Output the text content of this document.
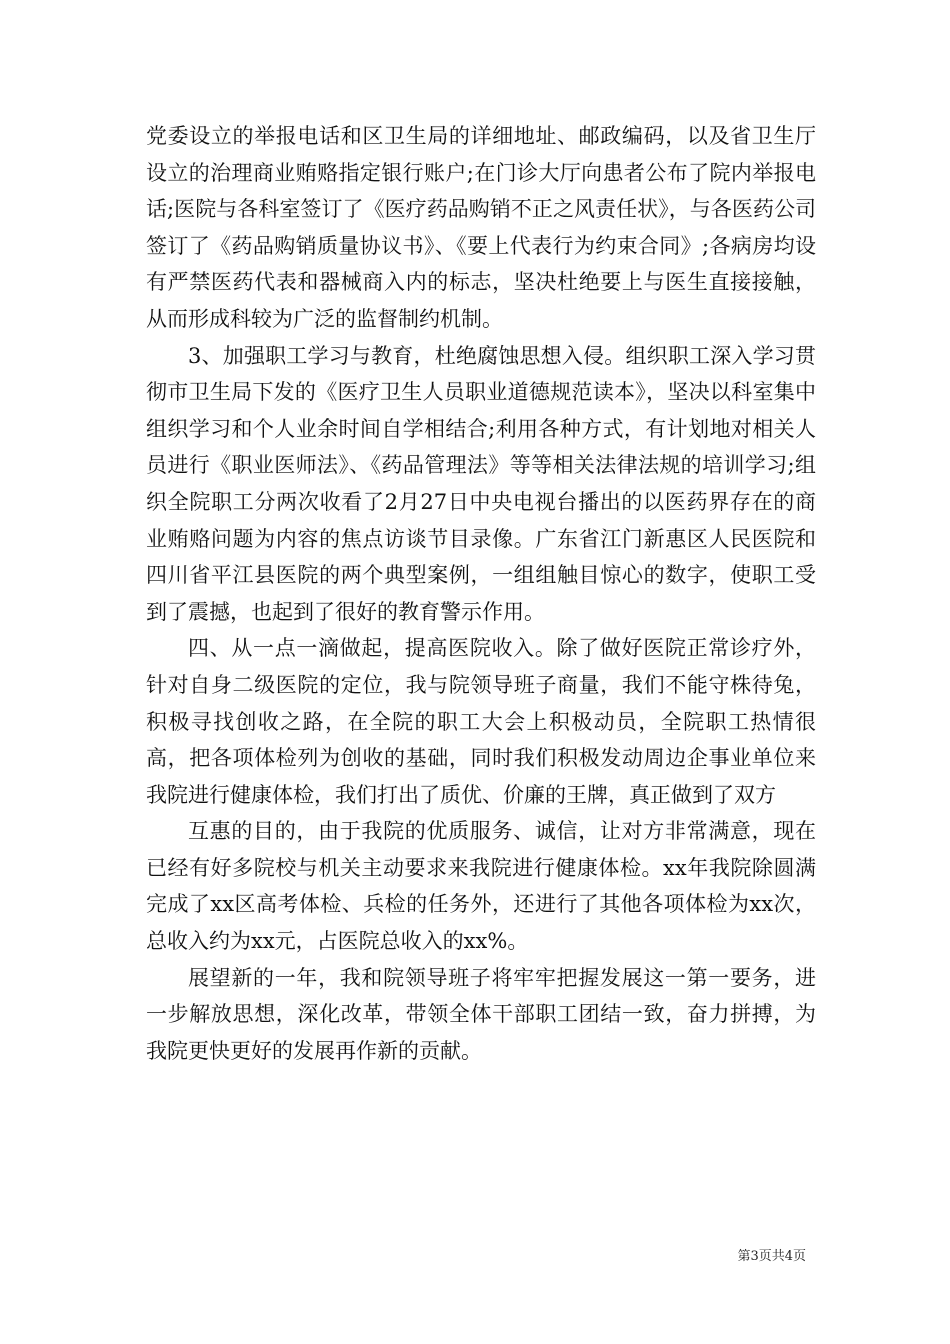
党委设立的举报电话和区卫生局的详细地址、邮政编码，以及省卫生厅设立的治理商业贿赂指定银行账户;在门诊大厅向患者公布了院内举报电话;医院与各科室签订了《医疗药品购销不正之风责任状》，与各医药公司签订了《药品购销质量协议书》、《要上代表行为约束合同》;各病房均设有严禁医药代表和器械商入内的标志，坚决杜绝要上与医生直接接触，从而形成科较为广泛的监督制约机制。

3、加强职工学习与教育，杜绝腐蚀思想入侵。组织职工深入学习贯彻市卫生局下发的《医疗卫生人员职业道德规范读本》，坚决以科室集中组织学习和个人业余时间自学相结合;利用各种方式，有计划地对相关人员进行《职业医师法》、《药品管理法》等等相关法律法规的培训学习;组织全院职工分两次收看了2月27日中央电视台播出的以医药界存在的商业贿赂问题为内容的焦点访谈节目录像。广东省江门新惠区人民医院和四川省平江县医院的两个典型案例，一组组触目惊心的数字，使职工受到了震撼，也起到了很好的教育警示作用。

四、从一点一滴做起，提高医院收入。除了做好医院正常诊疗外，针对自身二级医院的定位，我与院领导班子商量，我们不能守株待兔，积极寻找创收之路，在全院的职工大会上积极动员，全院职工热情很高，把各项体检列为创收的基础，同时我们积极发动周边企事业单位来我院进行健康体检，我们打出了质优、价廉的王牌，真正做到了双方

互惠的目的，由于我院的优质服务、诚信，让对方非常满意，现在已经有好多院校与机关主动要求来我院进行健康体检。xx年我院除圆满完成了xx区高考体检、兵检的任务外，还进行了其他各项体检为xx次，总收入约为xx元，占医院总收入的xx%。

展望新的一年，我和院领导班子将牢牢把握发展这一第一要务，进一步解放思想，深化改革，带领全体干部职工团结一致，奋力拼搏，为我院更快更好的发展再作新的贡献。

第3页共4页
